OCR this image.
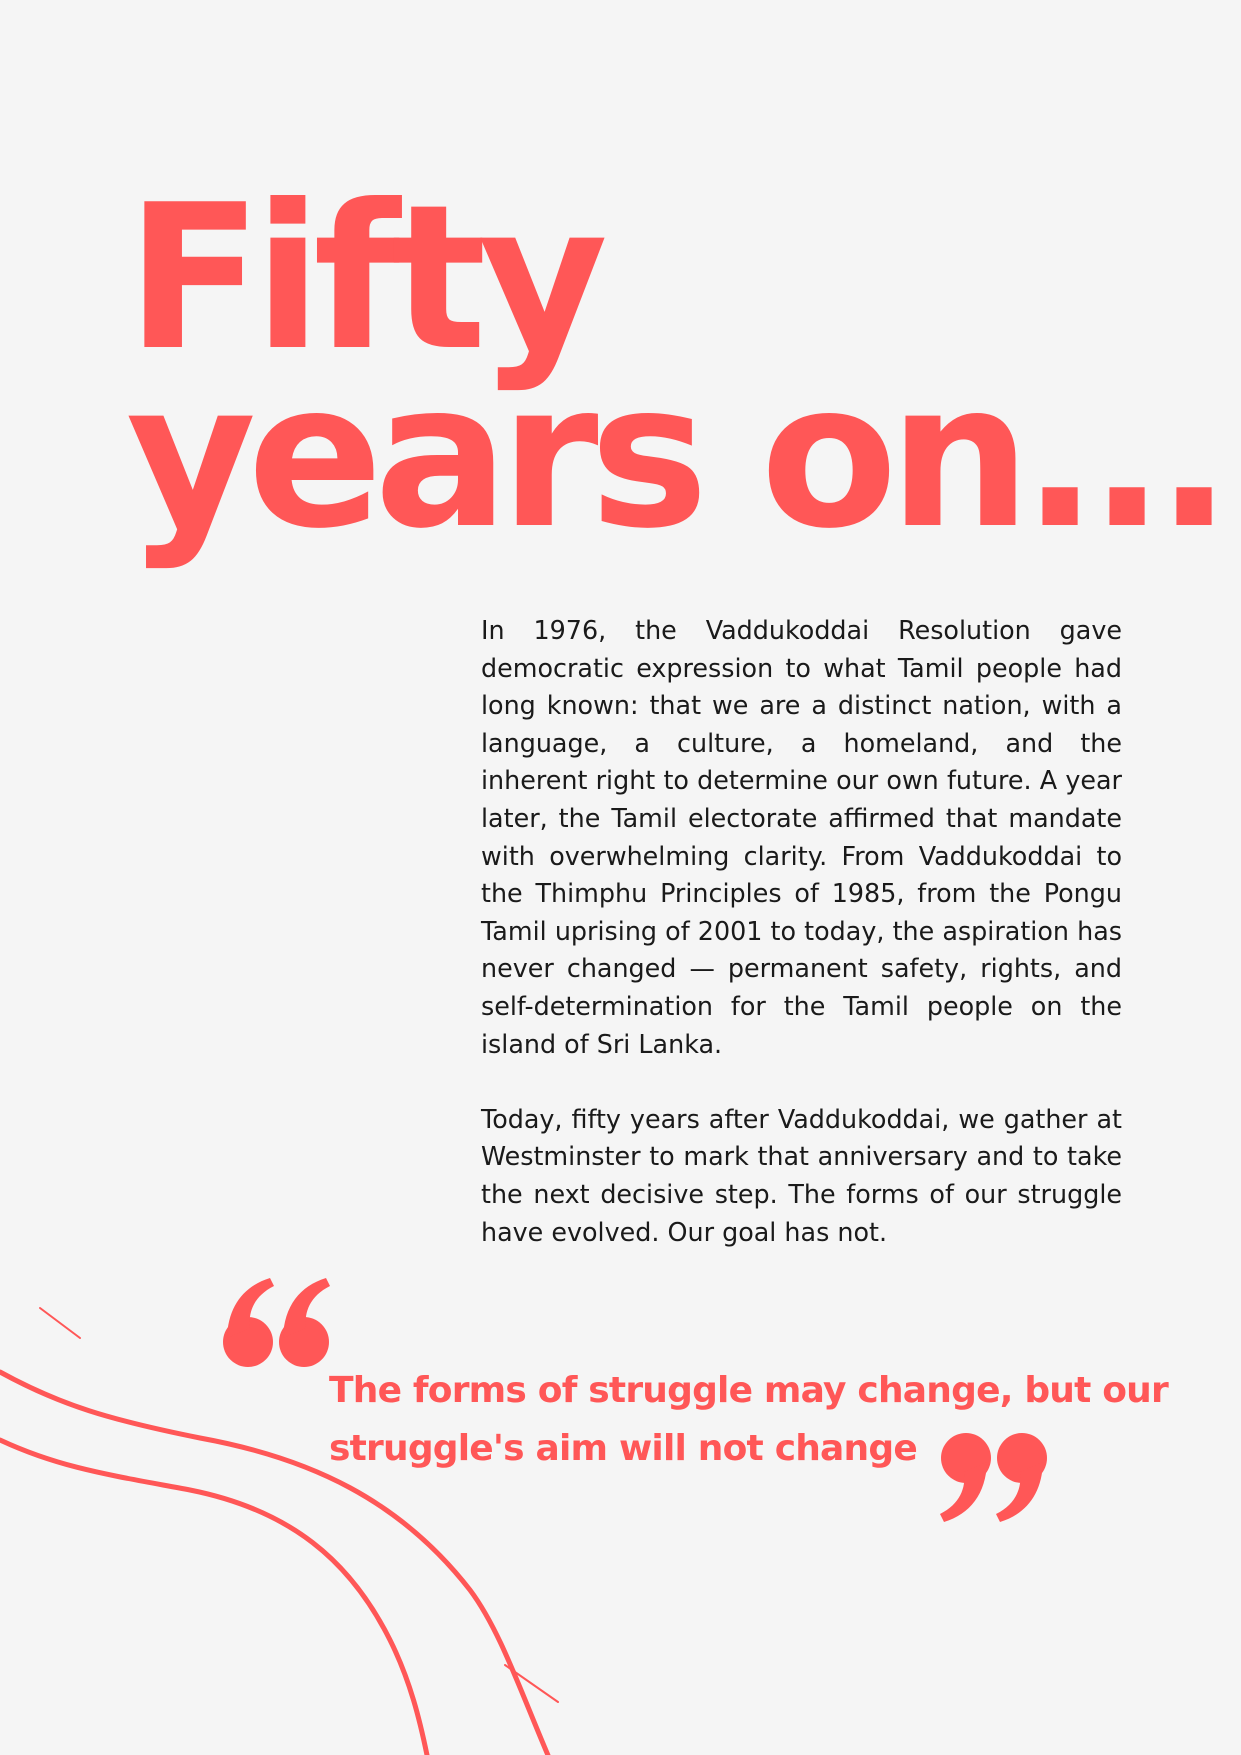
Fifty
years on...

In 1976, the Vaddukoddai Resolution gave democratic expression to what Tamil people had long known: that we are a distinct nation, with a language, a culture, a homeland, and the inherent right to determine our own future. A year later, the Tamil electorate affirmed that mandate with overwhelming clarity. From Vaddukoddai to the Thimphu Principles of 1985, from the Pongu Tamil uprising of 2001 to today, the aspiration has never changed — permanent safety, rights, and self-determination for the Tamil people on the island of Sri Lanka.

Today, fifty years after Vaddukoddai, we gather at Westminster to mark that anniversary and to take the next decisive step. The forms of our struggle have evolved. Our goal has not.

The forms of struggle may change, but our struggle's aim will not change
